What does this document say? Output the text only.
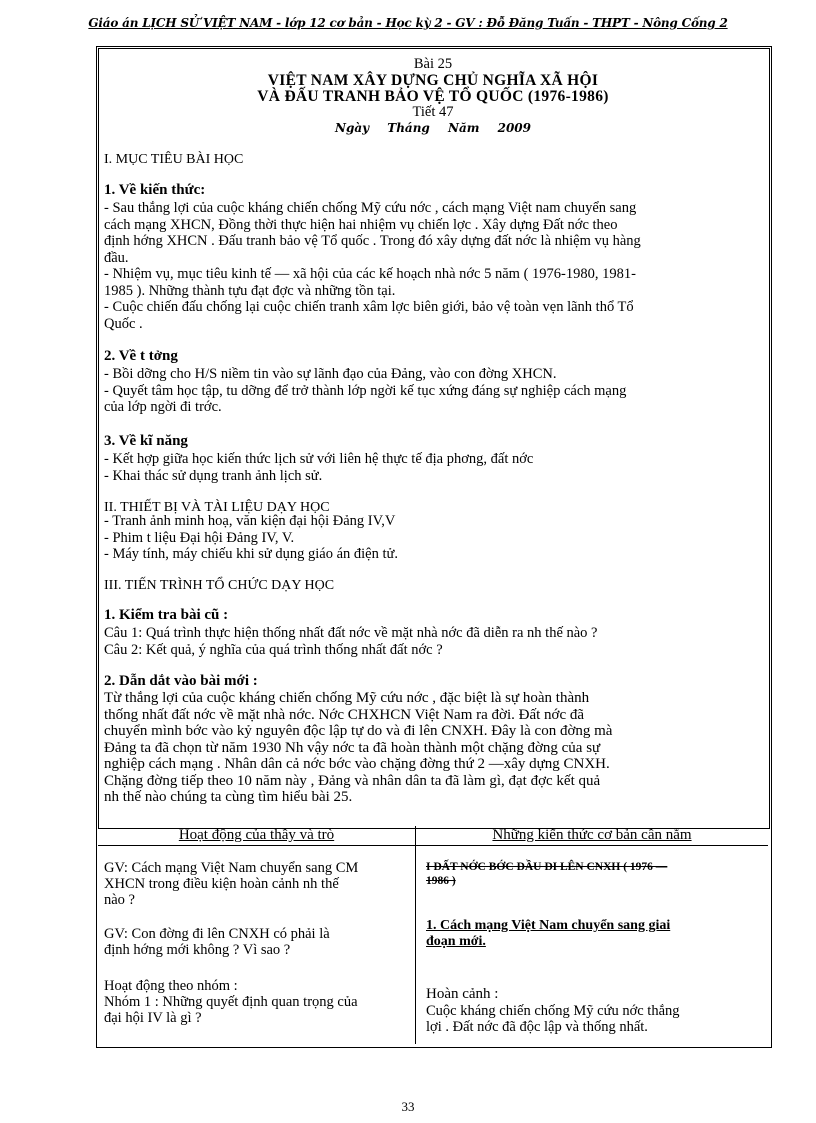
Giáo án LỊCH SỬ VIỆT NAM - lớp 12 cơ bản - Học kỳ 2 - GV : Đỗ Đăng Tuấn - THPT - Nông Cống 2
Bài 25
VIỆT NAM XÂY DỰNG CHỦ NGHĨA XÃ HỘI
VÀ ĐẤU TRANH BẢO VỆ TỔ QUỐC (1976-1986)
Tiết 47
Ngày Tháng Năm 2009
I. MỤC TIÊU BÀI HỌC
1. Về kiến thức:
- Sau thắng lợi của cuộc kháng chiến chống Mỹ cứu nớc , cách mạng Việt nam chuyển sang
cách mạng XHCN, Đồng thời thực hiện hai nhiệm vụ chiến lợc . Xây dựng Đất nớc theo
định hớng XHCN . Đấu tranh bảo vệ Tổ quốc . Trong đó xây dựng đất nớc là nhiệm vụ hàng
đầu.
- Nhiệm vụ, mục tiêu kinh tế — xã hội của các kế hoạch nhà nớc 5 năm ( 1976-1980, 1981-
1985 ). Những thành tựu đạt đợc và những tồn tại.
- Cuộc chiến đấu chống lại cuộc chiến tranh xâm lợc biên giới, bảo vệ toàn vẹn lãnh thổ Tổ
Quốc .
2. Về t tởng
- Bồi dỡng cho H/S niềm tin vào sự lãnh đạo của Đảng, vào con đờng XHCN.
- Quyết tâm học tập, tu dỡng để trở thành lớp ngời kế tục xứng đáng sự nghiệp cách mạng
của lớp ngời đi trớc.
3. Về kĩ năng
- Kết hợp giữa học kiến thức lịch sử với liên hệ thực tế địa phơng, đất nớc
- Khai thác sử dụng tranh ảnh lịch sử.
II. THIẾT BỊ VÀ TÀI LIỆU DẠY HỌC
- Tranh ảnh minh hoạ, văn kiện đại hội Đảng IV,V
- Phim t liệu Đại hội Đảng IV, V.
- Máy tính, máy chiếu khi sử dụng giáo án điện tử.
III. TIẾN TRÌNH TỔ CHỨC DẠY HỌC
1. Kiểm tra bài cũ :
Câu 1: Quá trình thực hiện thống nhất đất nớc về mặt nhà nớc đã diễn ra nh thế nào ?
Câu 2: Kết quả, ý nghĩa của quá trình thống nhất đất nớc ?
2. Dẫn dắt vào bài mới :
Từ thắng lợi của cuộc kháng chiến chống Mỹ cứu nớc , đặc biệt là sự hoàn thành
thống nhất đất nớc về mặt nhà nớc. Nớc CHXHCN Việt Nam ra đời. Đất nớc đã
chuyển mình bớc vào kỷ nguyên độc lập tự do và đi lên CNXH. Đây là con đờng mà
Đảng ta đã chọn từ năm 1930 Nh vậy nớc ta đã hoàn thành một chặng đờng của sự
nghiệp cách mạng . Nhân dân cả nớc bớc vào chặng đờng thứ 2 —xây dựng CNXH.
Chặng đờng tiếp theo 10 năm này , Đảng và nhân dân ta đã làm gì, đạt đợc kết quả
nh thế nào chúng ta cùng tìm hiểu bài 25.
Hoạt động của thầy và trò	Những kiến thức cơ bản cần nắm
GV: Cách mạng Việt Nam chuyển sang CM
XHCN trong điều kiện hoàn cảnh nh thế
nào ?
GV: Con đờng đi lên CNXH có phải là
định hớng mới không ? Vì sao ?
Hoạt động theo nhóm :
Nhóm 1 : Những quyết định quan trọng của
đại hội IV là gì ?
I ĐẤT NỚC BỚC ĐẦU ĐI LÊN CNXH ( 1976 —
1986 )
1. Cách mạng Việt Nam chuyển sang giai
đoạn mới.
Hoàn cảnh :
Cuộc kháng chiến chống Mỹ cứu nớc thắng
lợi . Đất nớc đã độc lập và thống nhất.
33
